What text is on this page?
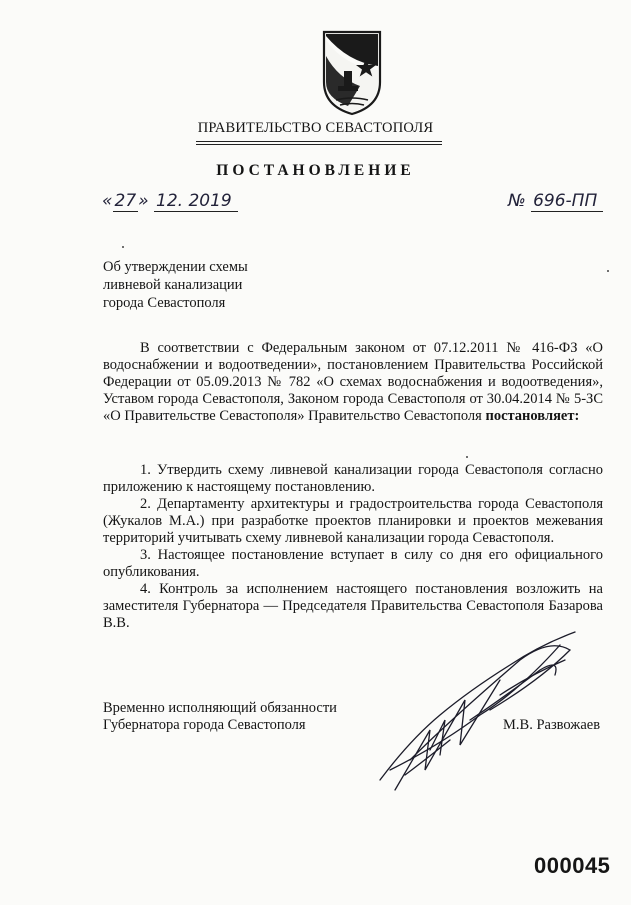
ПРАВИТЕЛЬСТВО СЕВАСТОПОЛЯ
ПОСТАНОВЛЕНИЕ
« 27 » 12. 2019	№ 696-ПП
Об утверждении схемы
ливневой канализации
города Севастополя
В соответствии с Федеральным законом от 07.12.2011 № 416-ФЗ «О водоснабжении и водоотведении», постановлением Правительства Российской Федерации от 05.09.2013 № 782 «О схемах водоснабжения и водоотведения», Уставом города Севастополя, Законом города Севастополя от 30.04.2014 № 5-ЗС «О Правительстве Севастополя» Правительство Севастополя постановляет:

1. Утвердить схему ливневой канализации города Севастополя согласно приложению к настоящему постановлению.

2. Департаменту архитектуры и градостроительства города Севастополя (Жукалов М.А.) при разработке проектов планировки и проектов межевания территорий учитывать схему ливневой канализации города Севастополя.

3. Настоящее постановление вступает в силу со дня его официального опубликования.

4. Контроль за исполнением настоящего постановления возложить на заместителя Губернатора — Председателя Правительства Севастополя Базарова В.В.

Временно исполняющий обязанности
Губернатора города Севастополя	М.В. Развожаев
000045
